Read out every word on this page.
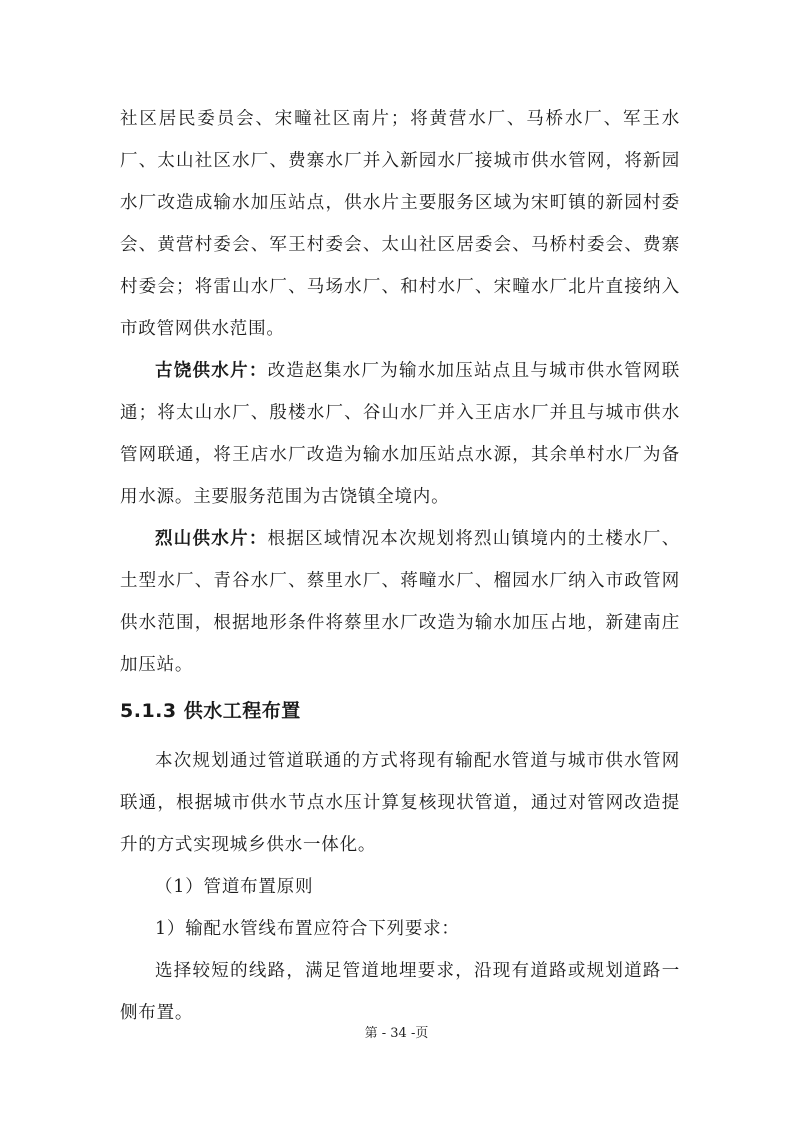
社区居民委员会、宋疃社区南片；将黄营水厂、马桥水厂、军王水厂、太山社区水厂、费寨水厂并入新园水厂接城市供水管网，将新园水厂改造成输水加压站点，供水片主要服务区域为宋町镇的新园村委会、黄营村委会、军王村委会、太山社区居委会、马桥村委会、费寨村委会；将雷山水厂、马场水厂、和村水厂、宋疃水厂北片直接纳入市政管网供水范围。

古饶供水片：改造赵集水厂为输水加压站点且与城市供水管网联通；将太山水厂、殷楼水厂、谷山水厂并入王店水厂并且与城市供水管网联通，将王店水厂改造为输水加压站点水源，其余单村水厂为备用水源。主要服务范围为古饶镇全境内。

烈山供水片：根据区域情况本次规划将烈山镇境内的土楼水厂、土型水厂、青谷水厂、蔡里水厂、蒋疃水厂、榴园水厂纳入市政管网供水范围，根据地形条件将蔡里水厂改造为输水加压占地，新建南庄加压站。

5.1.3 供水工程布置

本次规划通过管道联通的方式将现有输配水管道与城市供水管网联通，根据城市供水节点水压计算复核现状管道，通过对管网改造提升的方式实现城乡供水一体化。

（1）管道布置原则

1）输配水管线布置应符合下列要求：

选择较短的线路，满足管道地埋要求，沿现有道路或规划道路一侧布置。

第 - 34 -页
